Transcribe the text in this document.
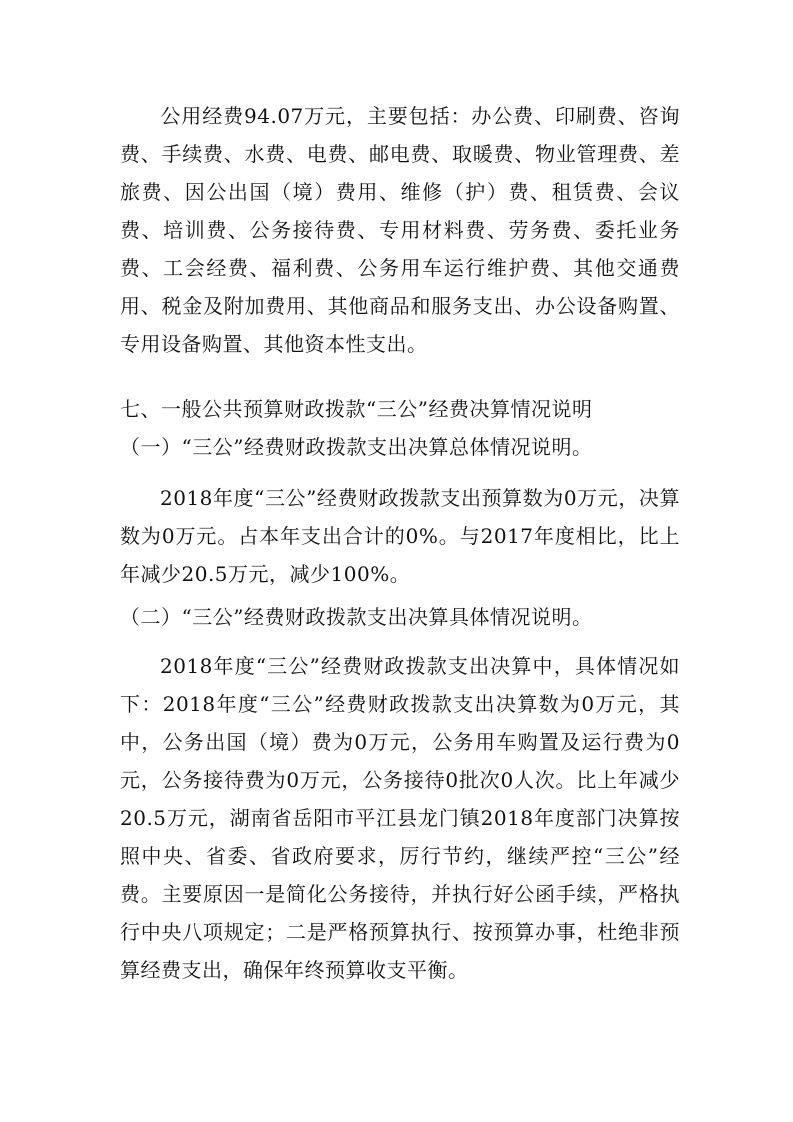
公用经费94.07万元，主要包括：办公费、印刷费、咨询费、手续费、水费、电费、邮电费、取暖费、物业管理费、差旅费、因公出国（境）费用、维修（护）费、租赁费、会议费、培训费、公务接待费、专用材料费、劳务费、委托业务费、工会经费、福利费、公务用车运行维护费、其他交通费用、税金及附加费用、其他商品和服务支出、办公设备购置、专用设备购置、其他资本性支出。

七、一般公共预算财政拨款“三公”经费决算情况说明

（一）“三公”经费财政拨款支出决算总体情况说明。

2018年度“三公”经费财政拨款支出预算数为0万元，决算数为0万元。占本年支出合计的0%。与2017年度相比，比上年减少20.5万元，减少100%。

（二）“三公”经费财政拨款支出决算具体情况说明。

2018年度“三公”经费财政拨款支出决算中，具体情况如下：2018年度“三公”经费财政拨款支出决算数为0万元，其中，公务出国（境）费为0万元，公务用车购置及运行费为0元，公务接待费为0万元，公务接待0批次0人次。比上年减少20.5万元，湖南省岳阳市平江县龙门镇2018年度部门决算按照中央、省委、省政府要求，厉行节约，继续严控“三公”经费。主要原因一是简化公务接待，并执行好公函手续，严格执行中央八项规定；二是严格预算执行、按预算办事，杜绝非预算经费支出，确保年终预算收支平衡。
